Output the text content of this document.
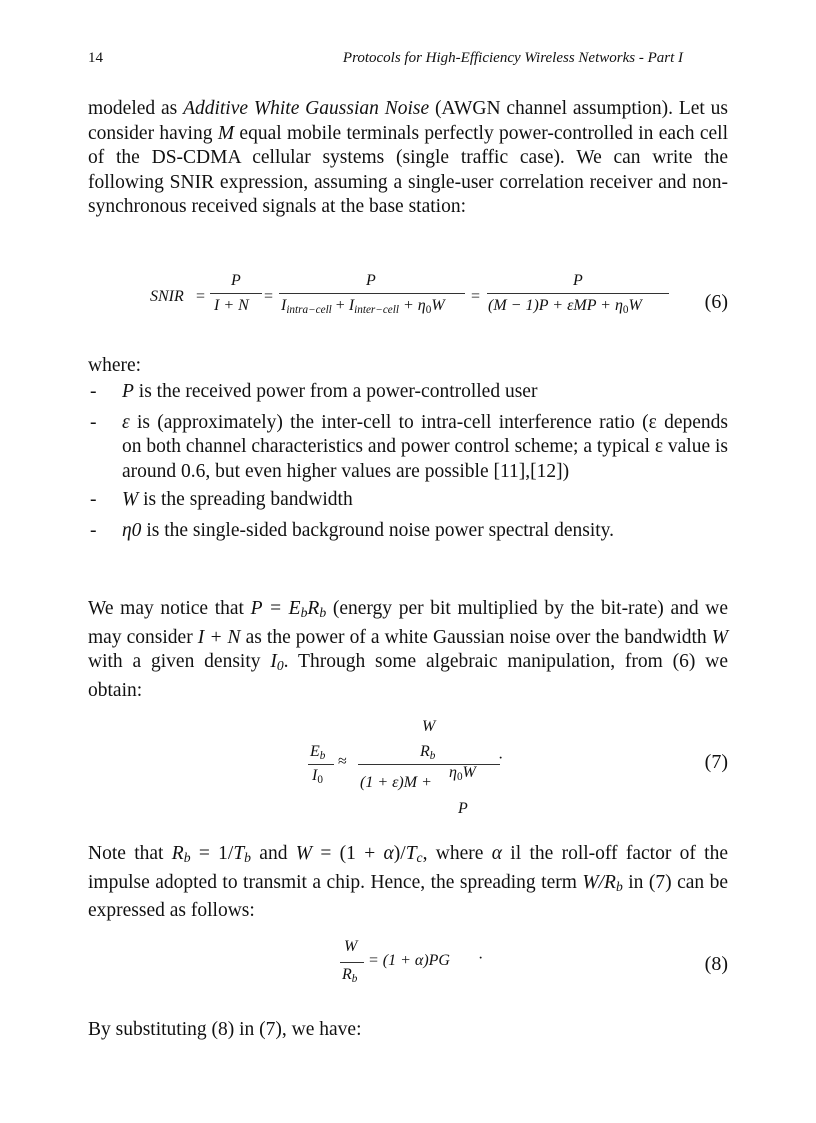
14	Protocols for High-Efficiency Wireless Networks - Part I

modeled as Additive White Gaussian Noise (AWGN channel assumption). Let us consider having M equal mobile terminals perfectly power-controlled in each cell of the DS-CDMA cellular systems (single traffic case). We can write the following SNIR expression, assuming a single-user correlation receiver and non-synchronous received signals at the base station:

SNIR =
P
I + N
=
P
$I_{intra-cell} + I_{inter-cell} + \eta_0W$
=
P
$(M - 1)P + \varepsilon MP + \eta_0W$	(6)

where:

- P is the received power from a power-controlled user
- ε is (approximately) the inter-cell to intra-cell interference ratio (ε depends on both channel characteristics and power control scheme; a typical ε value is around 0.6, but even higher values are possible [11],[12])
- W is the spreading bandwidth
- η0 is the single-sided background noise power spectral density.

We may notice that $P = E_bR_b$ (energy per bit multiplied by the bit-rate) and we may consider I + N as the power of a white Gaussian noise over the bandwidth W with a given density $I_0$. Through some algebraic manipulation, from (6) we obtain:

W
$E_b$
$I_0$
≈
$R_b$
(1 + ε)M +
$\eta_0W$
P
·	(7)

Note that $R_b = 1/T_b$ and $W = (1 + \alpha)/T_c$, where α il the roll-off factor of the impulse adopted to transmit a chip. Hence, the spreading term $W/R_b$ in (7) can be expressed as follows:

W
$R_b$
= (1 + α)PG ·	(8)

By substituting (8) in (7), we have:
